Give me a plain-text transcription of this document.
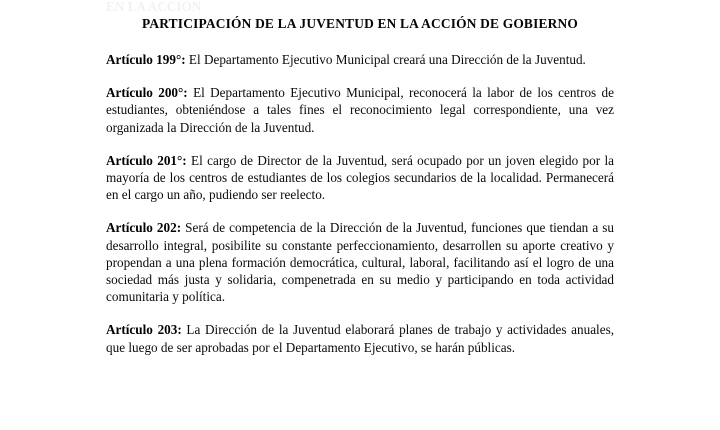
EN LA ACCIÓN
PARTICIPACIÓN DE LA JUVENTUD EN LA ACCIÓN DE GOBIERNO

Artículo 199°: El Departamento Ejecutivo Municipal creará una Dirección de la Juventud.

Artículo 200°: El Departamento Ejecutivo Municipal, reconocerá la labor de los centros de estudiantes, obteniéndose a tales fines el reconocimiento legal correspondiente, una vez organizada la Dirección de la Juventud.

Artículo 201°: El cargo de Director de la Juventud, será ocupado por un joven elegido por la mayoría de los centros de estudiantes de los colegios secundarios de la localidad. Permanecerá en el cargo un año, pudiendo ser reelecto.

Artículo 202: Será de competencia de la Dirección de la Juventud, funciones que tiendan a su desarrollo integral, posibilite su constante perfeccionamiento, desarrollen su aporte creativo y propendan a una plena formación democrática, cultural, laboral, facilitando así el logro de una sociedad más justa y solidaria, compenetrada en su medio y participando en toda actividad comunitaria y política.

Artículo 203: La Dirección de la Juventud elaborará planes de trabajo y actividades anuales, que luego de ser aprobadas por el Departamento Ejecutivo, se harán públicas.
